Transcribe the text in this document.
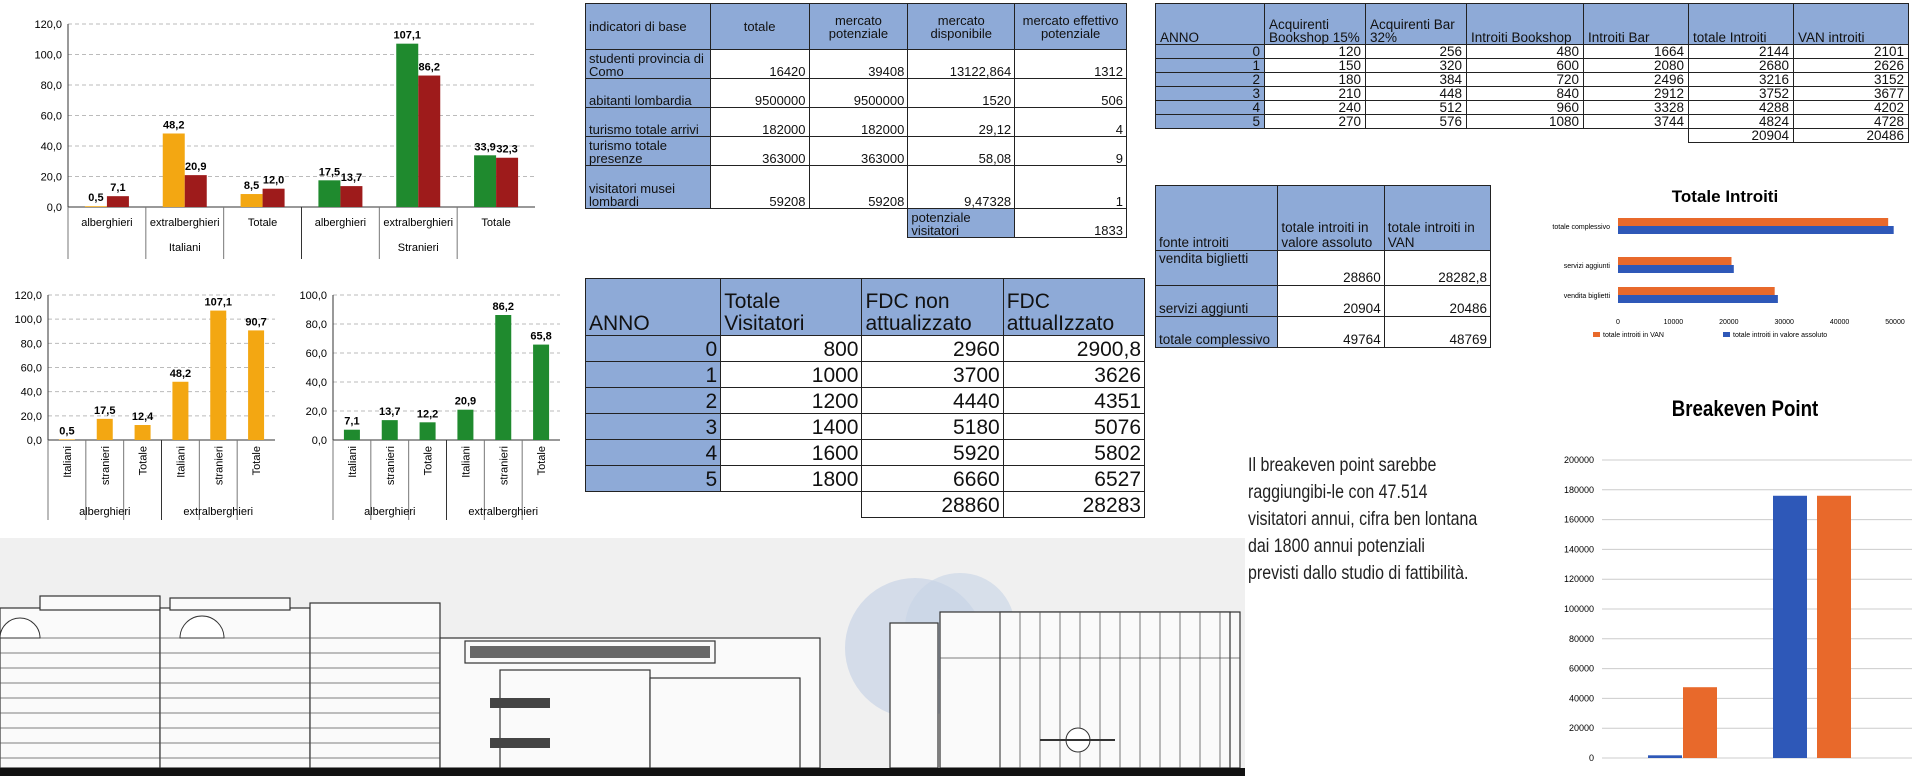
0,0
20,0
40,0
60,0
80,0
100,0
120,0
0,5
7,1
alberghieri
48,2
20,9
extralberghieri
8,5 12,0
Totale
17,5 13,7
alberghieri
107,1
86,2
extralberghieri
33,9 32,3
Totale
Italiani	Stranieri
0,0
20,0
40,0
60,0
80,0
100,0
120,0
0,5
Italiani
17,5
stranieri
12,4
Totale
48,2
Italiani
107,1
stranieri
90,7
Totale
alberghieri	extralberghieri
0,0
20,0
40,0
60,0
80,0
100,0
7,1
Italiani
13,7
stranieri
12,2
Totale
20,9
Italiani
86,2
stranieri
65,8
Totale
alberghieri	extralberghieri
indicatori di base	totale	mercato potenziale	mercato disponibile	mercato effettivo potenziale
studenti provincia di Como	16420	39408	13122,864	1312
abitanti lombardia	9500000	9500000	1520	506
turismo totale arrivi	182000	182000	29,12	4
turismo totale presenze	363000	363000	58,08	9
visitatori musei lombardi	59208	59208	9,47328	1
			potenziale visitatori	1833
ANNO	Totale Visitatori	FDC non attualizzato	FDC attualIzzato
0	800	2960	2900,8
1	1000	3700	3626
2	1200	4440	4351
3	1400	5180	5076
4	1600	5920	5802
5	1800	6660	6527
		28860	28283
ANNO	Acquirenti Bookshop 15%	Acquirenti Bar 32%	Introiti Bookshop	Introiti Bar	totale Introiti	VAN introiti
0	120	256	480	1664	2144	2101
1	150	320	600	2080	2680	2626
2	180	384	720	2496	3216	3152
3	210	448	840	2912	3752	3677
4	240	512	960	3328	4288	4202
5	270	576	1080	3744	4824	4728
					20904	20486
fonte introiti	totale introiti in valore assoluto	totale introiti in VAN
vendita biglietti	28860	28282,8
servizi aggiunti	20904	20486
totale complessivo	49764	48769
Totale Introiti
totale complessivo
servizi aggiunti
vendita biglietti
0	10000	20000	30000	40000	50000
totale introiti in VAN	totale introiti in valore assoluto
Il breakeven point sarebbe raggiungibi-le con 47.514 visitatori annui, cifra ben lontana dai 1800 annui potenziali previsti dallo studio di fattibilità.
Breakeven Point
0
20000
40000
60000
80000
100000
120000
140000
160000
180000
200000
